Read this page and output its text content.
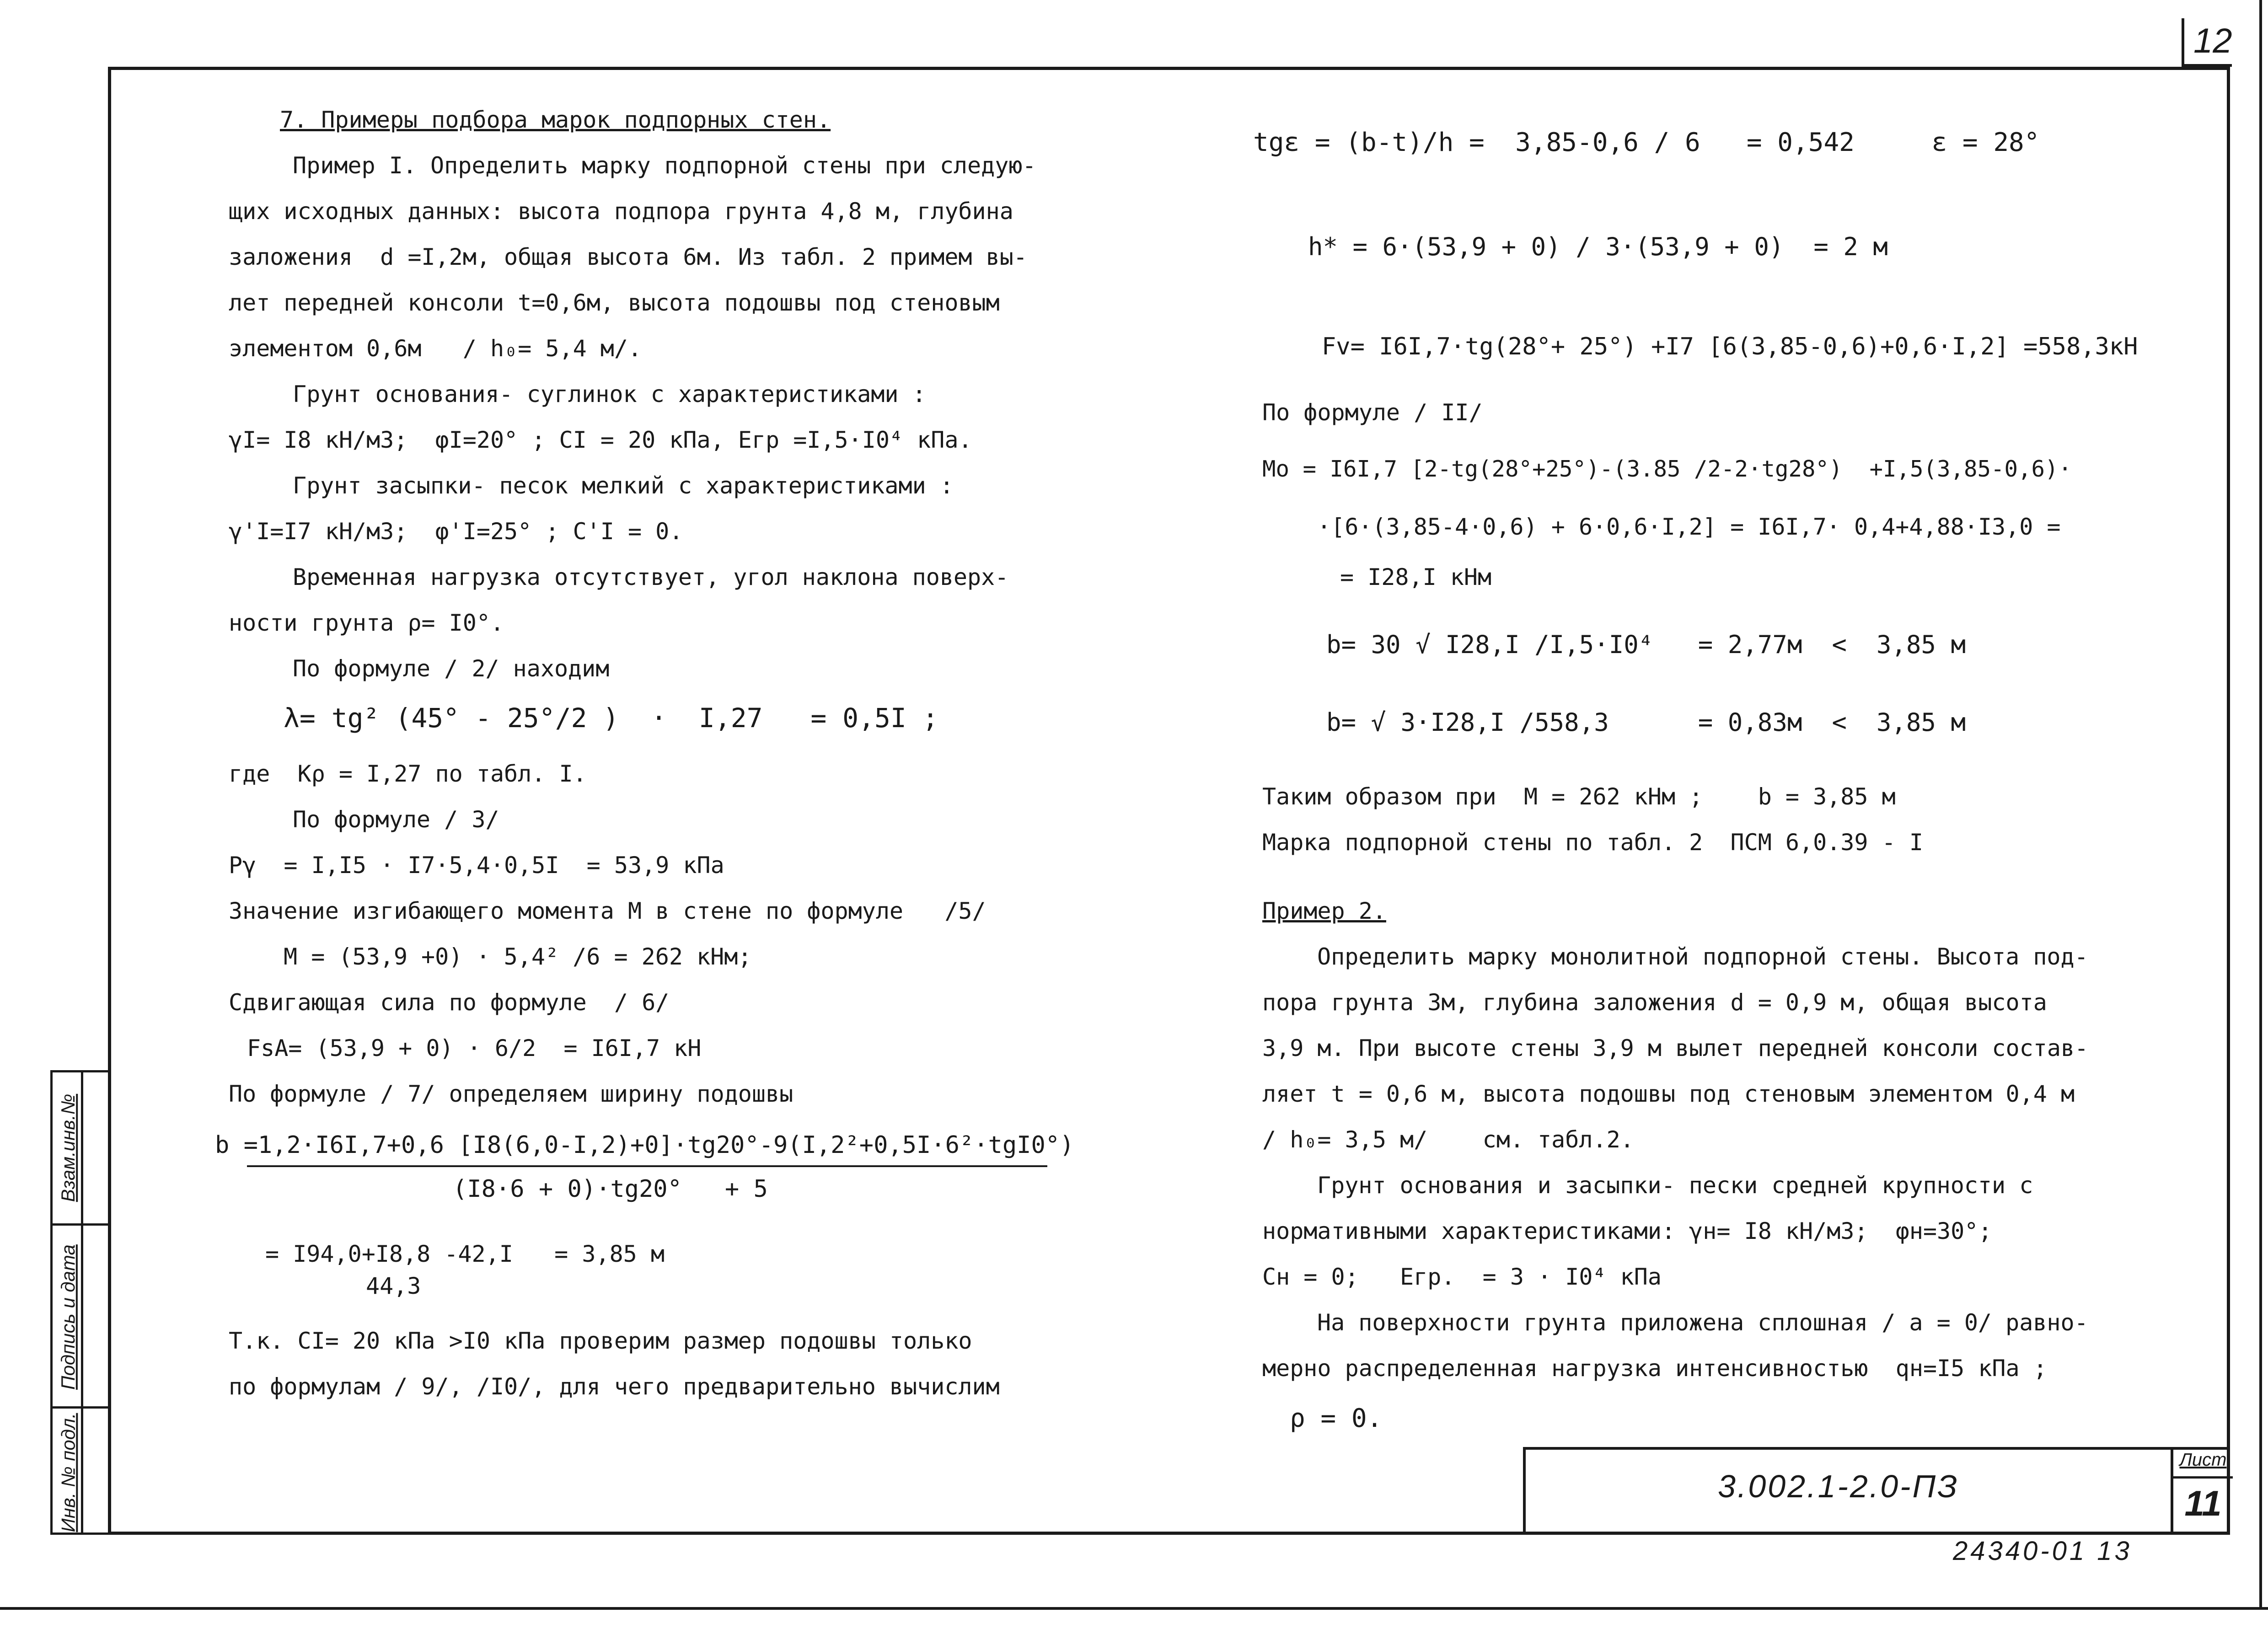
12
Инв. № подл.
Подпись и дата
Взам.инв.№
7. Примеры подбора марок подпорных стен.
Пример I. Определить марку подпорной стены при следую-
щих исходных данных: высота подпора грунта 4,8 м, глубина
заложения  d =I,2м, общая высота 6м. Из табл. 2 примем вы-
лет передней консоли t=0,6м, высота подошвы под стеновым
элементом 0,6м   / h₀= 5,4 м/.
Грунт основания- суглинок с характеристиками :
γI= I8 кН/м3;  φI=20° ; CI = 20 кПа, Eгр =I,5·I0⁴ кПа.
Грунт засыпки- песок мелкий с характеристиками :
γ'I=I7 кН/м3;  φ'I=25° ; C'I = 0.
Временная нагрузка отсутствует, угол наклона поверх-
ности грунта ρ= I0°.
По формуле / 2/ находим
λ= tg² (45° - 25°/2 )  ·  I,27   = 0,5I ;
где  Kρ = I,27 по табл. I.
По формуле / 3/
Pγ  = I,I5 · I7·5,4·0,5I  = 53,9 кПа
Значение изгибающего момента М в стене по формуле   /5/
M = (53,9 +0) · 5,4² /6 = 262 кНм;
Сдвигающая сила по формуле  / 6/
FsA= (53,9 + 0) · 6/2  = I6I,7 кН
По формуле / 7/ определяем ширину подошвы
b =1,2·I6I,7+0,6 [I8(6,0-I,2)+0]·tg20°-9(I,2²+0,5I·6²·tgI0°)
(I8·6 + 0)·tg20°   + 5
= I94,0+I8,8 -42,I   = 3,85 м
44,3
Т.к. CI= 20 кПа >I0 кПа проверим размер подошвы только
по формулам / 9/, /I0/, для чего предварительно вычислим
tgε = (b-t)/h =  3,85-0,6 / 6   = 0,542     ε = 28°
h* = 6·(53,9 + 0) / 3·(53,9 + 0)  = 2 м
Fv= I6I,7·tg(28°+ 25°) +I7 [6(3,85-0,6)+0,6·I,2] =558,3кН
По формуле / II/
Mo = I6I,7 [2-tg(28°+25°)-(3.85 /2-2·tg28°)  +I,5(3,85-0,6)·
·[6·(3,85-4·0,6) + 6·0,6·I,2] = I6I,7· 0,4+4,88·I3,0 =
= I28,I кНм
b= 30 √ I28,I /I,5·I0⁴   = 2,77м  <  3,85 м
b= √ 3·I28,I /558,3      = 0,83м  <  3,85 м
Таким образом при  M = 262 кНм ;    b = 3,85 м
Марка подпорной стены по табл. 2  ПСМ 6,0.39 - I
Пример 2.
Определить марку монолитной подпорной стены. Высота под-
пора грунта 3м, глубина заложения d = 0,9 м, общая высота
3,9 м. При высоте стены 3,9 м вылет передней консоли состав-
ляет t = 0,6 м, высота подошвы под стеновым элементом 0,4 м
/ h₀= 3,5 м/    см. табл.2.
Грунт основания и засыпки- пески средней крупности с
нормативными характеристиками: γн= I8 кН/м3;  φн=30°;
Cн = 0;   Eгр.  = 3 · I0⁴ кПа
На поверхности грунта приложена сплошная / a = 0/ равно-
мерно распределенная нагрузка интенсивностью  qн=I5 кПа ;
ρ = 0.
3.002.1-2.0-ПЗ
Лист
11
24340-01 13
